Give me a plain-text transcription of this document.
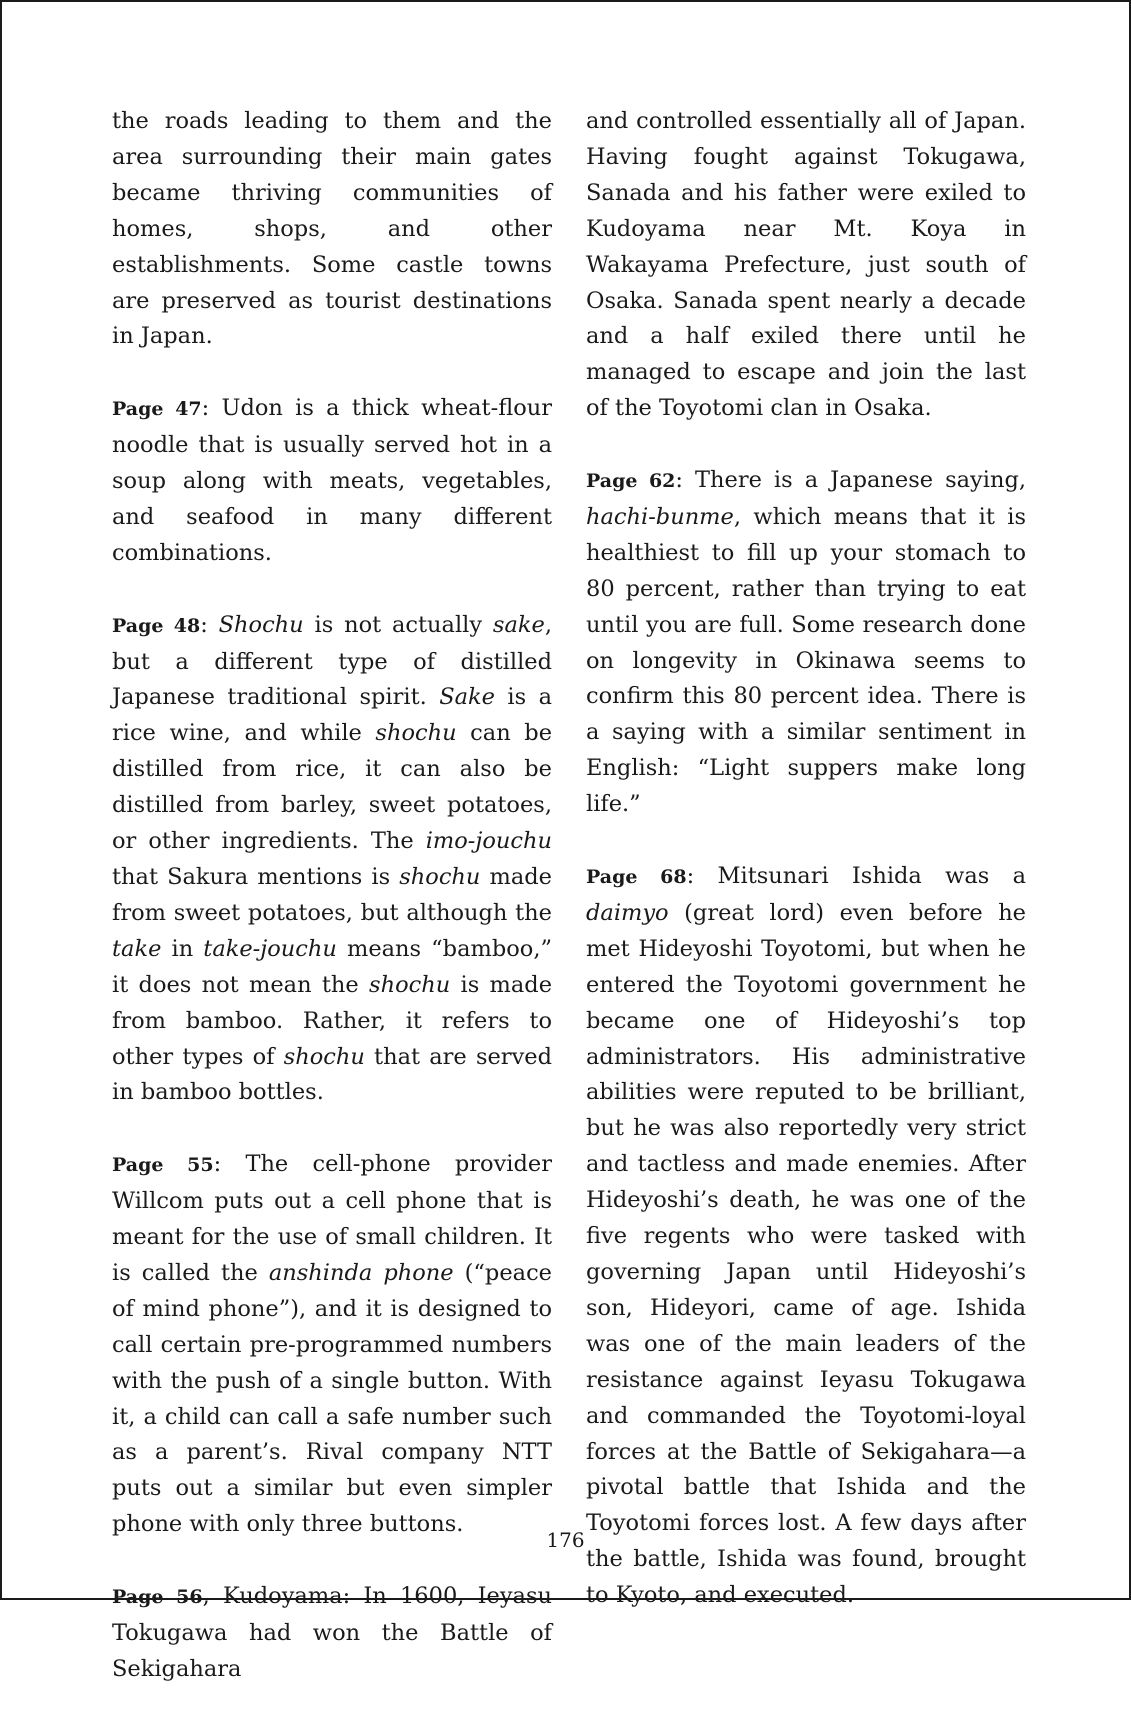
the roads leading to them and the area surrounding their main gates became thriving communities of homes, shops, and other establishments. Some castle towns are preserved as tourist destinations in Japan.

Page 47: Udon is a thick wheat-flour noodle that is usually served hot in a soup along with meats, vegetables, and seafood in many different combinations.

Page 48: Shochu is not actually sake, but a different type of distilled Japanese traditional spirit. Sake is a rice wine, and while shochu can be distilled from rice, it can also be distilled from barley, sweet potatoes, or other ingredients. The imo-jouchu that Sakura mentions is shochu made from sweet potatoes, but although the take in take-jouchu means “bamboo,” it does not mean the shochu is made from bamboo. Rather, it refers to other types of shochu that are served in bamboo bottles.

Page 55: The cell-phone provider Willcom puts out a cell phone that is meant for the use of small children. It is called the anshinda phone (“peace of mind phone”), and it is designed to call certain pre-programmed numbers with the push of a single button. With it, a child can call a safe number such as a parent’s. Rival company NTT puts out a similar but even simpler phone with only three buttons.

Page 56, Kudoyama: In 1600, Ieyasu Tokugawa had won the Battle of Sekigahara

and controlled essentially all of Japan. Having fought against Tokugawa, Sanada and his father were exiled to Kudoyama near Mt. Koya in Wakayama Prefecture, just south of Osaka. Sanada spent nearly a decade and a half exiled there until he managed to escape and join the last of the Toyotomi clan in Osaka.

Page 62: There is a Japanese saying, hachi-bunme, which means that it is healthiest to fill up your stomach to 80 percent, rather than trying to eat until you are full. Some research done on longevity in Okinawa seems to confirm this 80 percent idea. There is a saying with a similar sentiment in English: “Light suppers make long life.”

Page 68: Mitsunari Ishida was a daimyo (great lord) even before he met Hideyoshi Toyotomi, but when he entered the Toyotomi government he became one of Hideyoshi’s top administrators. His administrative abilities were reputed to be brilliant, but he was also reportedly very strict and tactless and made enemies. After Hideyoshi’s death, he was one of the five regents who were tasked with governing Japan until Hideyoshi’s son, Hideyori, came of age. Ishida was one of the main leaders of the resistance against Ieyasu Tokugawa and commanded the Toyotomi-loyal forces at the Battle of Sekigahara—a pivotal battle that Ishida and the Toyotomi forces lost. A few days after the battle, Ishida was found, brought to Kyoto, and executed.

176
